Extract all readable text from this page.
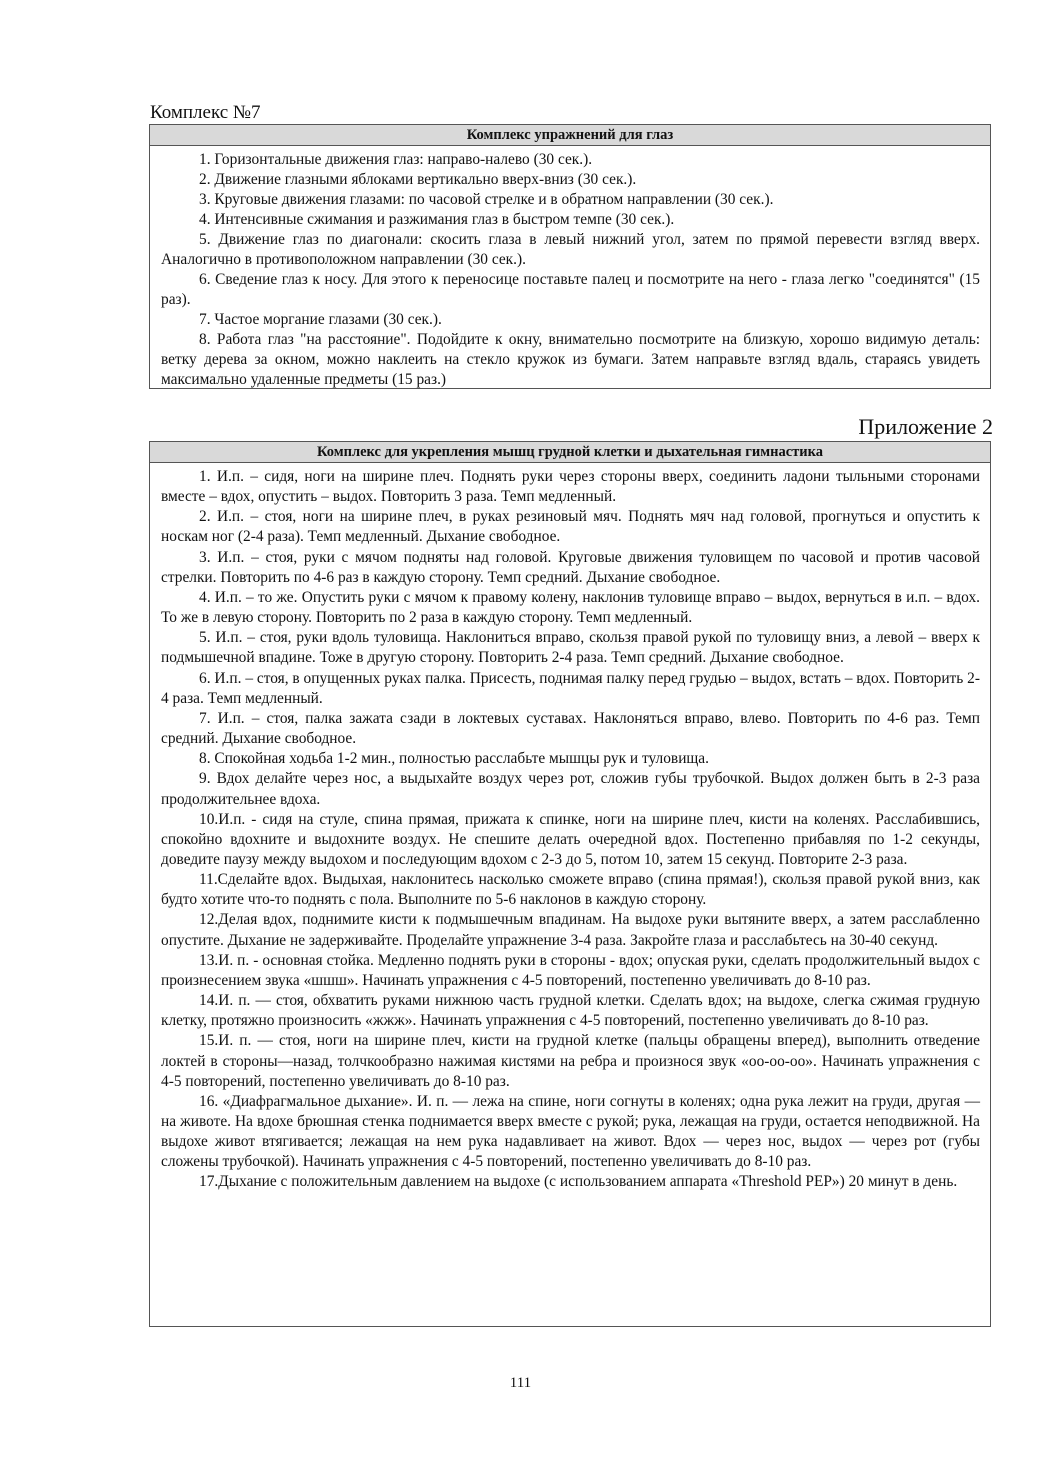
Комплекс №7
Комплекс упражнений для глаз

1. Горизонтальные движения глаз: направо-налево (30 сек.).

2. Движение глазными яблоками вертикально вверх-вниз (30 сек.).

3. Круговые движения глазами: по часовой стрелке и в обратном направлении (30 сек.).

4. Интенсивные сжимания и разжимания глаз в быстром темпе (30 сек.).

5. Движение глаз по диагонали: скосить глаза в левый нижний угол, затем по прямой перевести взгляд вверх. Аналогично в противоположном направлении (30 сек.).

6. Сведение глаз к носу. Для этого к переносице поставьте палец и посмотрите на него - глаза легко "соединятся" (15 раз).

7. Частое моргание глазами (30 сек.).

8. Работа глаз "на расстояние". Подойдите к окну, внимательно посмотрите на близкую, хорошо видимую деталь: ветку дерева за окном, можно наклеить на стекло кружок из бумаги. Затем направьте взгляд вдаль, стараясь увидеть максимально удаленные предметы (15 раз.)

Приложение 2
Комплекс для укрепления мышц грудной клетки и дыхательная гимнастика

1. И.п. – сидя, ноги на ширине плеч. Поднять руки через стороны вверх, соединить ладони тыльными сторонами вместе – вдох, опустить – выдох. Повторить 3 раза. Темп медленный.

2. И.п. – стоя, ноги на ширине плеч, в руках резиновый мяч. Поднять мяч над головой, прогнуться и опустить к носкам ног (2-4 раза). Темп медленный. Дыхание свободное.

3. И.п. – стоя, руки с мячом подняты над головой. Круговые движения туловищем по часовой и против часовой стрелки. Повторить по 4-6 раз в каждую сторону. Темп средний. Дыхание свободное.

4. И.п. – то же. Опустить руки с мячом к правому колену, наклонив туловище вправо – выдох, вернуться в и.п. – вдох. То же в левую сторону. Повторить по 2 раза в каждую сторону. Темп медленный.

5. И.п. – стоя, руки вдоль туловища. Наклониться вправо, скользя правой рукой по туловищу вниз, а левой – вверх к подмышечной впадине. Тоже в другую сторону. Повторить 2-4 раза. Темп средний. Дыхание свободное.

6. И.п. – стоя, в опущенных руках палка. Присесть, поднимая палку перед грудью – выдох, встать – вдох. Повторить 2-4 раза. Темп медленный.

7. И.п. – стоя, палка зажата сзади в локтевых суставах. Наклоняться вправо, влево. Повторить по 4-6 раз. Темп средний. Дыхание свободное.

8. Спокойная ходьба 1-2 мин., полностью расслабьте мышцы рук и туловища.

9. Вдох делайте через нос, а выдыхайте воздух через рот, сложив губы трубочкой. Выдох должен быть в 2-3 раза продолжительнее вдоха.

10.И.п. - сидя на стуле, спина прямая, прижата к спинке, ноги на ширине плеч, кисти на коленях. Расслабившись, спокойно вдохните и выдохните воздух. Не спешите делать очередной вдох. Постепенно прибавляя по 1-2 секунды, доведите паузу между выдохом и последующим вдохом с 2-3 до 5, потом 10, затем 15 секунд. Повторите 2-3 раза.

11.Сделайте вдох. Выдыхая, наклонитесь насколько сможете вправо (спина прямая!), скользя правой рукой вниз, как будто хотите что-то поднять с пола. Выполните по 5-6 наклонов в каждую сторону.

12.Делая вдох, поднимите кисти к подмышечным впадинам. На выдохе руки вытяните вверх, а затем расслабленно опустите. Дыхание не задерживайте. Проделайте упражнение 3-4 раза. Закройте глаза и расслабьтесь на 30-40 секунд.

13.И. п. - основная стойка. Медленно поднять руки в стороны - вдох; опуская руки, сделать продолжительный выдох с произнесением звука «шшш». Начинать упражнения с 4-5 повторений, постепенно увеличивать до 8-10 раз.

14.И. п. — стоя, обхватить руками нижнюю часть грудной клетки. Сделать вдох; на выдохе, слегка сжимая грудную клетку, протяжно произносить «жжж». Начинать упражнения с 4-5 повторений, постепенно увеличивать до 8-10 раз.

15.И. п. — стоя, ноги на ширине плеч, кисти на грудной клетке (пальцы обращены вперед), выполнить отведение локтей в стороны—назад, толчкообразно нажимая кистями на ребра и произнося звук «оо-оо-оо». Начинать упражнения с 4-5 повторений, постепенно увеличивать до 8-10 раз.

16. «Диафрагмальное дыхание». И. п. — лежа на спине, ноги согнуты в коленях; одна рука лежит на груди, другая — на животе. На вдохе брюшная стенка поднимается вверх вместе с рукой; рука, лежащая на груди, остается неподвижной. На выдохе живот втягивается; лежащая на нем рука надавливает на живот. Вдох — через нос, выдох — через рот (губы сложены трубочкой). Начинать упражнения с 4-5 повторений, постепенно увеличивать до 8-10 раз.

17.Дыхание с положительным давлением на выдохе (с использованием аппарата «Threshold PEP») 20 минут в день.

111
